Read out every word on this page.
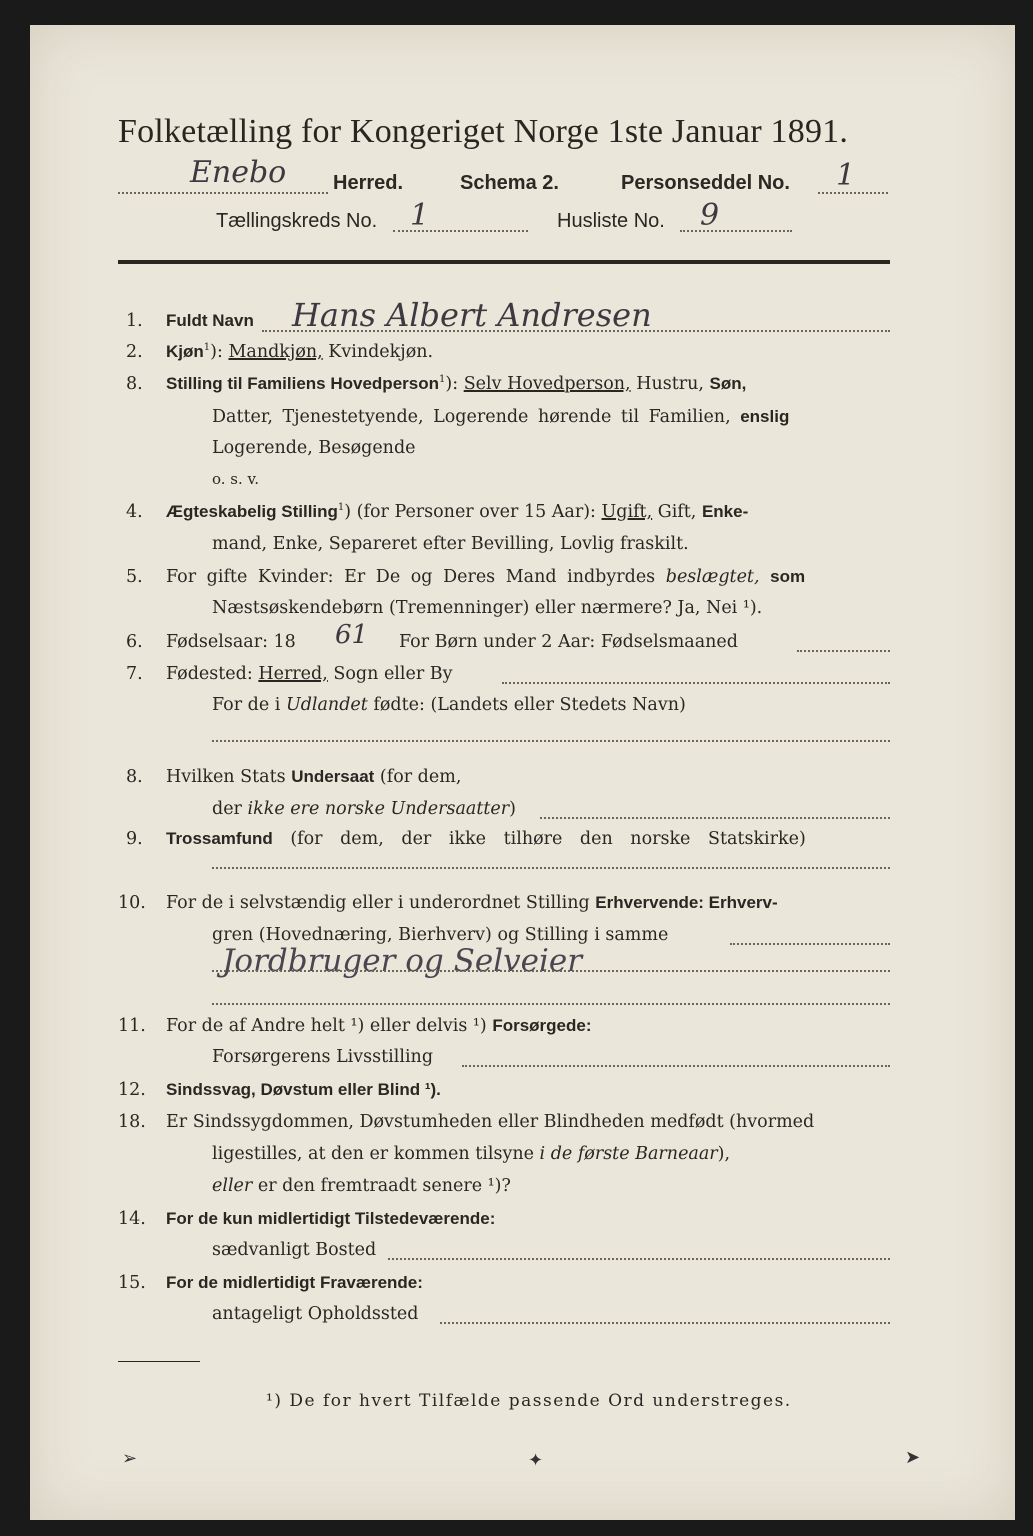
Folketælling for Kongeriget Norge 1ste Januar 1891.
Enebo Herred.	Schema 2.	Personseddel No. 1
Tællingskreds No. 1	Husliste No. 9
1. Fuldt Navn Hans Albert Andresen
2. Kjøn$^1$): Mandkjøn, Kvindekjøn.
8. Stilling til Familiens Hovedperson$^1$): Selv Hovedperson, Hustru, Søn,
Datter, Tjenestetyende, Logerende hørende til Familien, enslig
Logerende, Besøgende
o. s. v.
4. Ægteskabelig Stilling$^1$) (for Personer over 15 Aar): Ugift, Gift, Enke-
mand, Enke, Separeret efter Bevilling, Lovlig fraskilt.
5. For gifte Kvinder: Er De og Deres Mand indbyrdes beslægtet, som
Næstsøskendebørn (Tremenninger) eller nærmere? Ja, Nei ¹).
6. Fødselsaar: 18 61 For Børn under 2 Aar: Fødselsmaaned
7. Fødested: Herred, Sogn eller By
For de i Udlandet fødte: (Landets eller Stedets Navn)
8. Hvilken Stats Undersaat (for dem,
der ikke ere norske Undersaatter)
9. Trossamfund (for dem, der ikke tilhøre den norske Statskirke)
10. For de i selvstændig eller i underordnet Stilling Erhvervende: Erhverv-
gren (Hovednæring, Bierhverv) og Stilling i samme
Jordbruger og Selveier
11. For de af Andre helt ¹) eller delvis ¹) Forsørgede:
Forsørgerens Livsstilling
12. Sindssvag, Døvstum eller Blind ¹).
18. Er Sindssygdommen, Døvstumheden eller Blindheden medfødt (hvormed
ligestilles, at den er kommen tilsyne i de første Barneaar),
eller er den fremtraadt senere ¹)?
14. For de kun midlertidigt Tilstedeværende:
sædvanligt Bosted
15. For de midlertidigt Fraværende:
antageligt Opholdssted
¹) De for hvert Tilfælde passende Ord understreges.
➢	✦	➤
